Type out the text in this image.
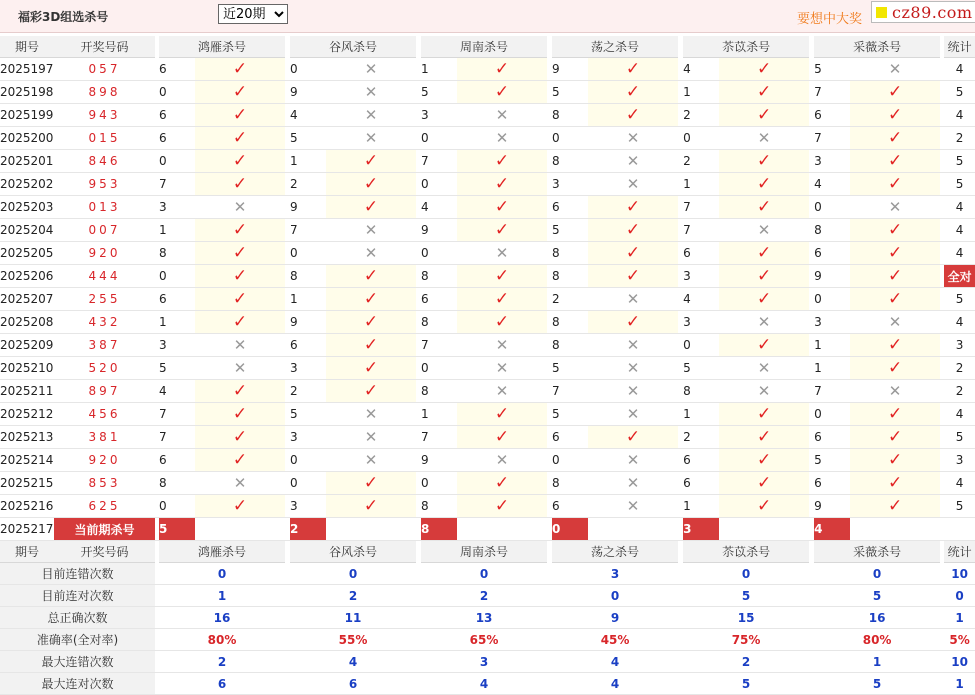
福彩3D组选杀号
近20期	要想中大奖 cz89.com
期号	开奖号码		鸿雁杀号			谷风杀号			周南杀号			荡之杀号			苶苡杀号			采薇杀号			统计
2025197	057		6	✓		0	✕		1	✓		9	✓		4	✓		5	✕		4
2025198	898		0	✓		9	✕		5	✓		5	✓		1	✓		7	✓		5
2025199	943		6	✓		4	✕		3	✕		8	✓		2	✓		6	✓		4
2025200	015		6	✓		5	✕		0	✕		0	✕		0	✕		7	✓		2
2025201	846		0	✓		1	✓		7	✓		8	✕		2	✓		3	✓		5
2025202	953		7	✓		2	✓		0	✓		3	✕		1	✓		4	✓		5
2025203	013		3	✕		9	✓		4	✓		6	✓		7	✓		0	✕		4
2025204	007		1	✓		7	✕		9	✓		5	✓		7	✕		8	✓		4
2025205	920		8	✓		0	✕		0	✕		8	✓		6	✓		6	✓		4
2025206	444		0	✓		8	✓		8	✓		8	✓		3	✓		9	✓		全对
2025207	255		6	✓		1	✓		6	✓		2	✕		4	✓		0	✓		5
2025208	432		1	✓		9	✓		8	✓		8	✓		3	✕		3	✕		4
2025209	387		3	✕		6	✓		7	✕		8	✕		0	✓		1	✓		3
2025210	520		5	✕		3	✓		0	✕		5	✕		5	✕		1	✓		2
2025211	897		4	✓		2	✓		8	✕		7	✕		8	✕		7	✕		2
2025212	456		7	✓		5	✕		1	✓		5	✕		1	✓		0	✓		4
2025213	381		7	✓		3	✕		7	✓		6	✓		2	✓		6	✓		5
2025214	920		6	✓		0	✕		9	✕		0	✕		6	✓		5	✓		3
2025215	853		8	✕		0	✓		0	✓		8	✕		6	✓		6	✓		4
2025216	625		0	✓		3	✓		8	✓		6	✕		1	✓		9	✓		5
2025217	当前期杀号		5			2			8			0			3			4			
期号	开奖号码		鸿雁杀号			谷风杀号			周南杀号			荡之杀号			苶苡杀号			采薇杀号			统计
目前连错次数			0			0			0			3			0			0			10
目前连对次数			1			2			2			0			5			5			0
总正确次数			16			11			13			9			15			16			1
准确率(全对率)			80%			55%			65%			45%			75%			80%			5%
最大连错次数			2			4			3			4			2			1			10
最大连对次数			6			6			4			4			5			5			1
